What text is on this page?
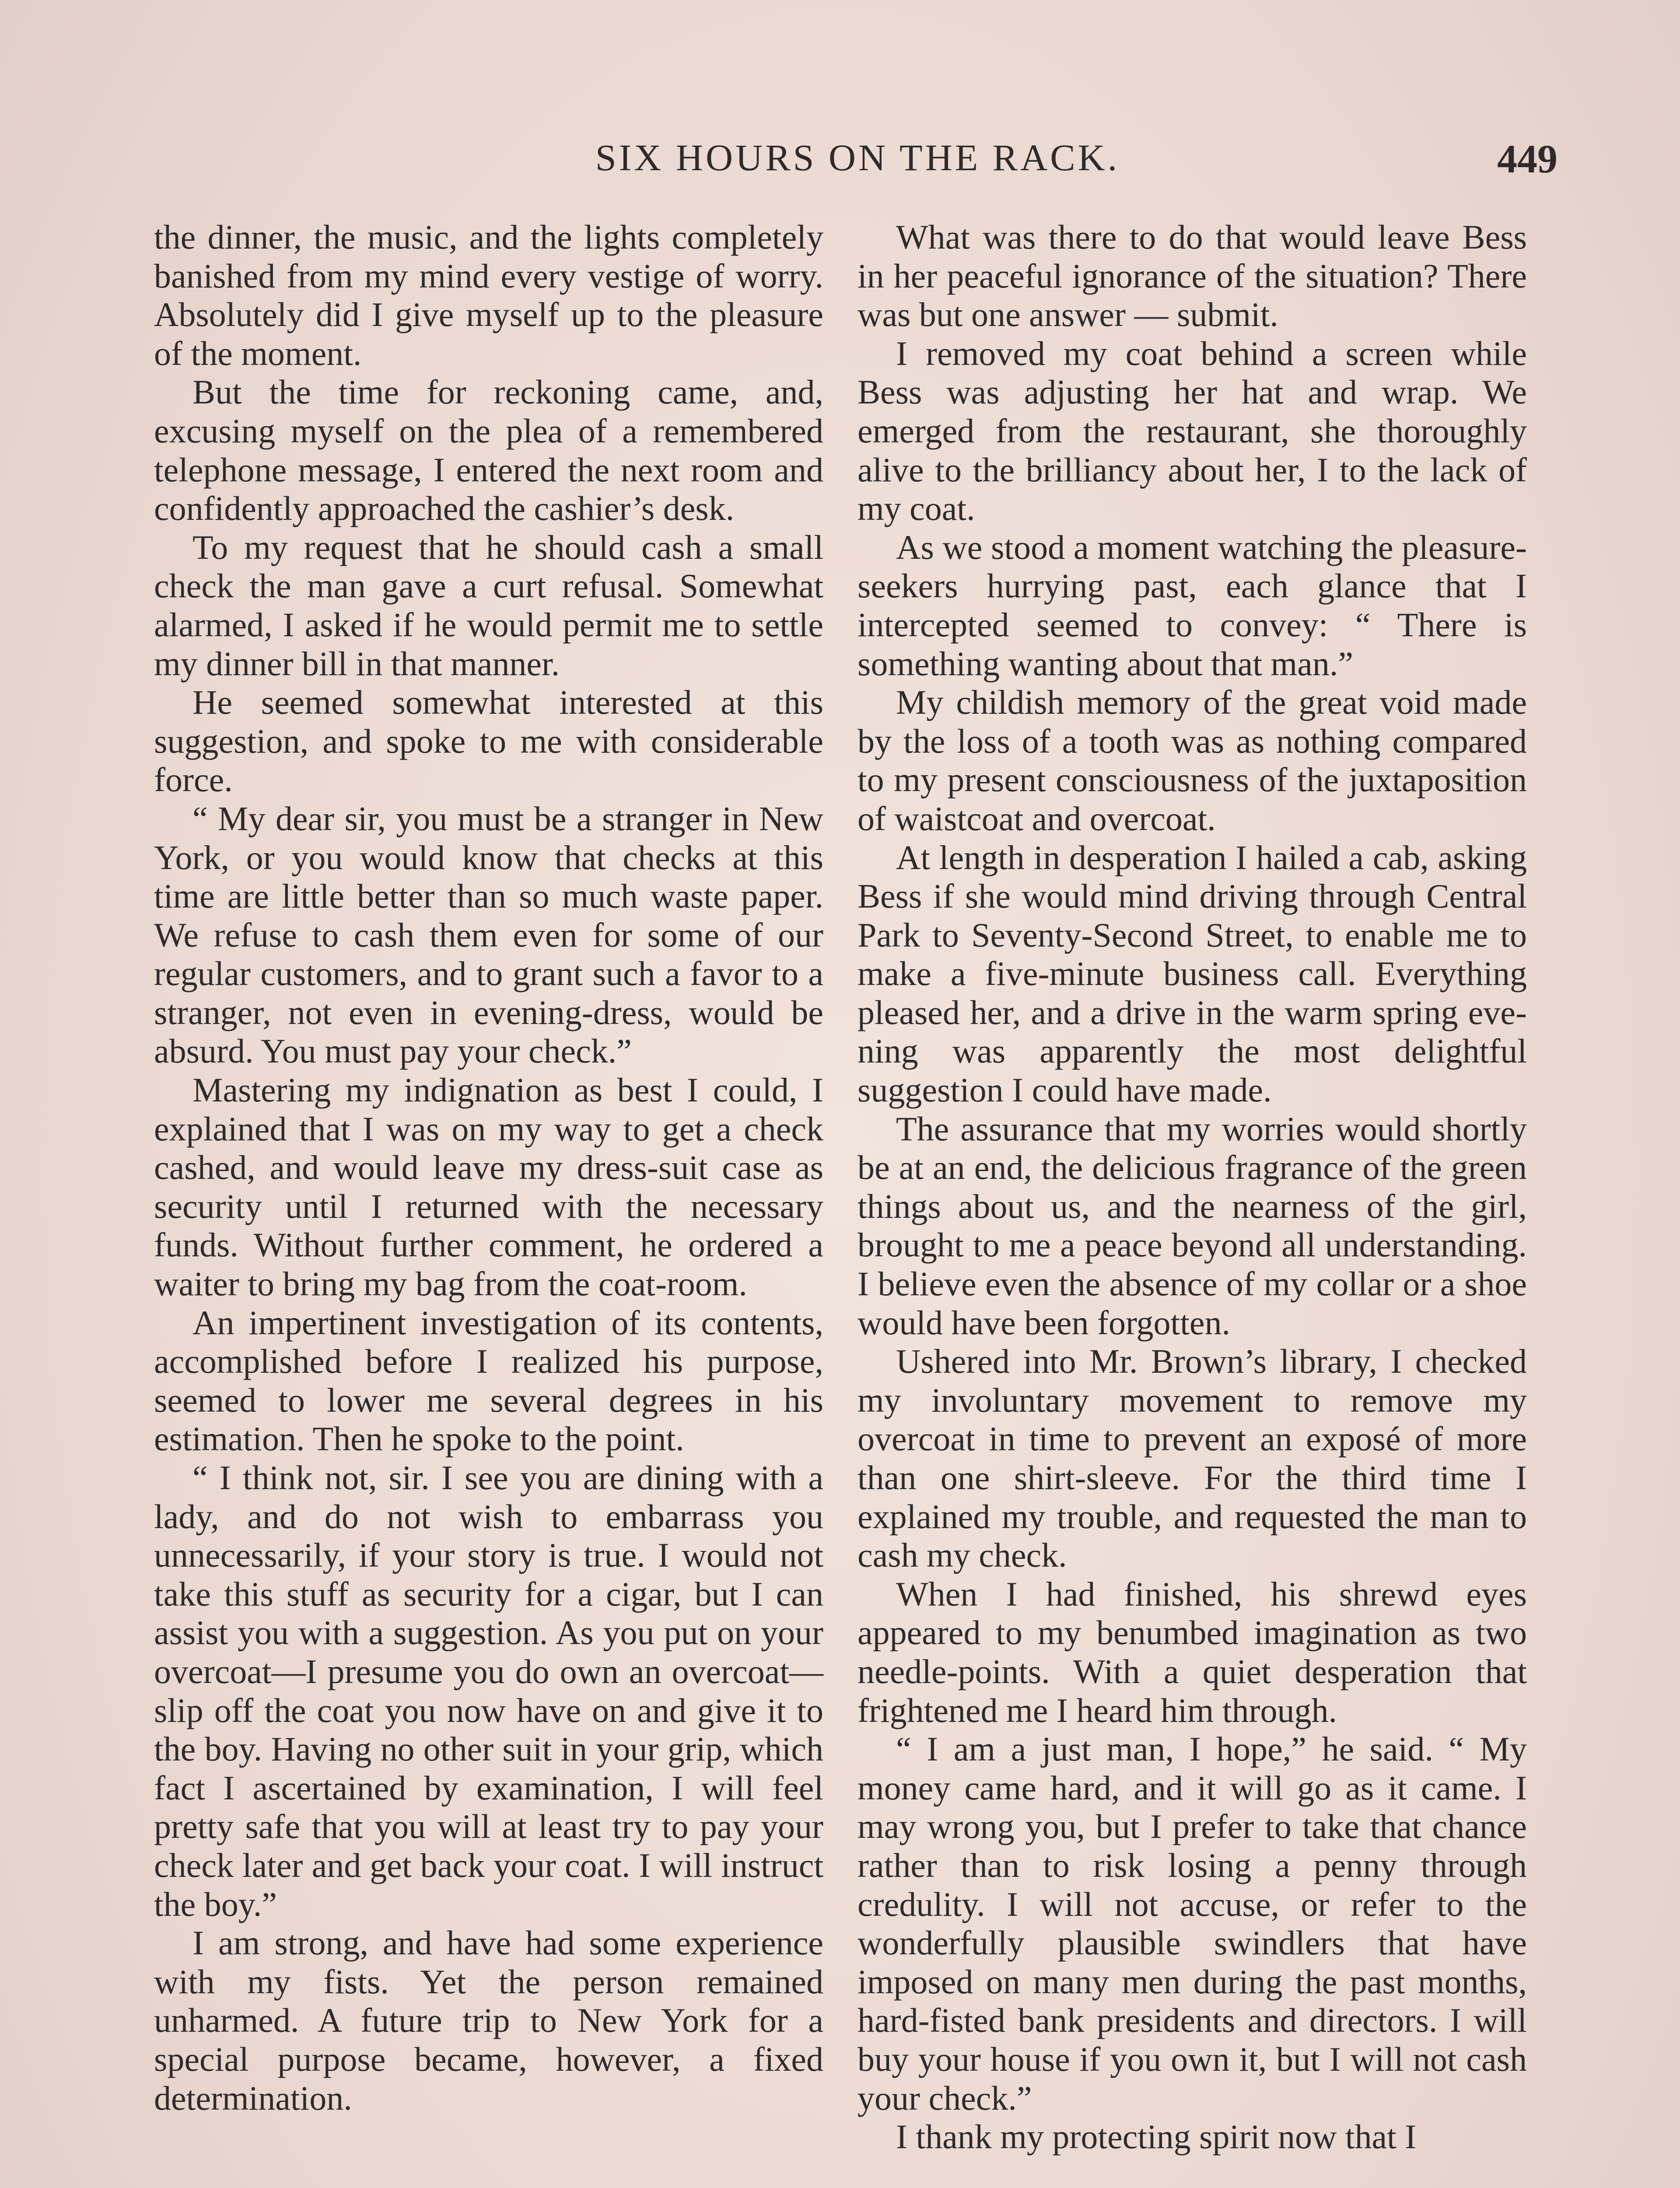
SIX HOURS ON THE RACK.	449

the dinner, the music, and the lights completely banished from my mind every vestige of worry. Absolutely did I give myself up to the pleasure of the moment.

But the time for reckoning came, and, excusing myself on the plea of a remembered telephone message, I entered the next room and confidently approached the cashier’s desk.

To my request that he should cash a small check the man gave a curt refusal. Somewhat alarmed, I asked if he would permit me to settle my dinner bill in that manner.

He seemed somewhat interested at this suggestion, and spoke to me with considerable force.

“ My dear sir, you must be a stranger in New York, or you would know that checks at this time are little better than so much waste paper. We refuse to cash them even for some of our regular customers, and to grant such a favor to a stranger, not even in evening-dress, would be absurd. You must pay your check.”

Mastering my indignation as best I could, I explained that I was on my way to get a check cashed, and would leave my dress-suit case as security until I returned with the necessary funds. Without further comment, he ordered a waiter to bring my bag from the coat-room.

An impertinent investigation of its contents, accomplished before I realized his purpose, seemed to lower me several degrees in his estimation. Then he spoke to the point.

“ I think not, sir. I see you are dining with a lady, and do not wish to embarrass you unnecessarily, if your story is true. I would not take this stuff as security for a cigar, but I can assist you with a suggestion. As you put on your overcoat—I presume you do own an overcoat—slip off the coat you now have on and give it to the boy. Having no other suit in your grip, which fact I ascertained by examination, I will feel pretty safe that you will at least try to pay your check later and get back your coat. I will instruct the boy.”

I am strong, and have had some experience with my fists. Yet the person remained unharmed. A future trip to New York for a special purpose became, however, a fixed determination.

What was there to do that would leave Bess in her peaceful ignorance of the situation? There was but one answer — submit.

I removed my coat behind a screen while Bess was adjusting her hat and wrap. We emerged from the restaurant, she thoroughly alive to the brilliancy about her, I to the lack of my coat.

As we stood a moment watching the pleasure-seekers hurrying past, each glance that I intercepted seemed to convey: “ There is something wanting about that man.”

My childish memory of the great void made by the loss of a tooth was as nothing compared to my present consciousness of the juxtaposition of waistcoat and overcoat.

At length in desperation I hailed a cab, asking Bess if she would mind driving through Central Park to Seventy-Second Street, to enable me to make a five-minute business call. Everything pleased her, and a drive in the warm spring evening was apparently the most delightful suggestion I could have made.

The assurance that my worries would shortly be at an end, the delicious fragrance of the green things about us, and the nearness of the girl, brought to me a peace beyond all understanding. I believe even the absence of my collar or a shoe would have been forgotten.

Ushered into Mr. Brown’s library, I checked my involuntary movement to remove my overcoat in time to prevent an exposé of more than one shirt-sleeve. For the third time I explained my trouble, and requested the man to cash my check.

When I had finished, his shrewd eyes appeared to my benumbed imagination as two needle-points. With a quiet desperation that frightened me I heard him through.

“ I am a just man, I hope,” he said. “ My money came hard, and it will go as it came. I may wrong you, but I prefer to take that chance rather than to risk losing a penny through credulity. I will not accuse, or refer to the wonderfully plausible swindlers that have imposed on many men during the past months, hard-fisted bank presidents and directors. I will buy your house if you own it, but I will not cash your check.”

I thank my protecting spirit now that I
